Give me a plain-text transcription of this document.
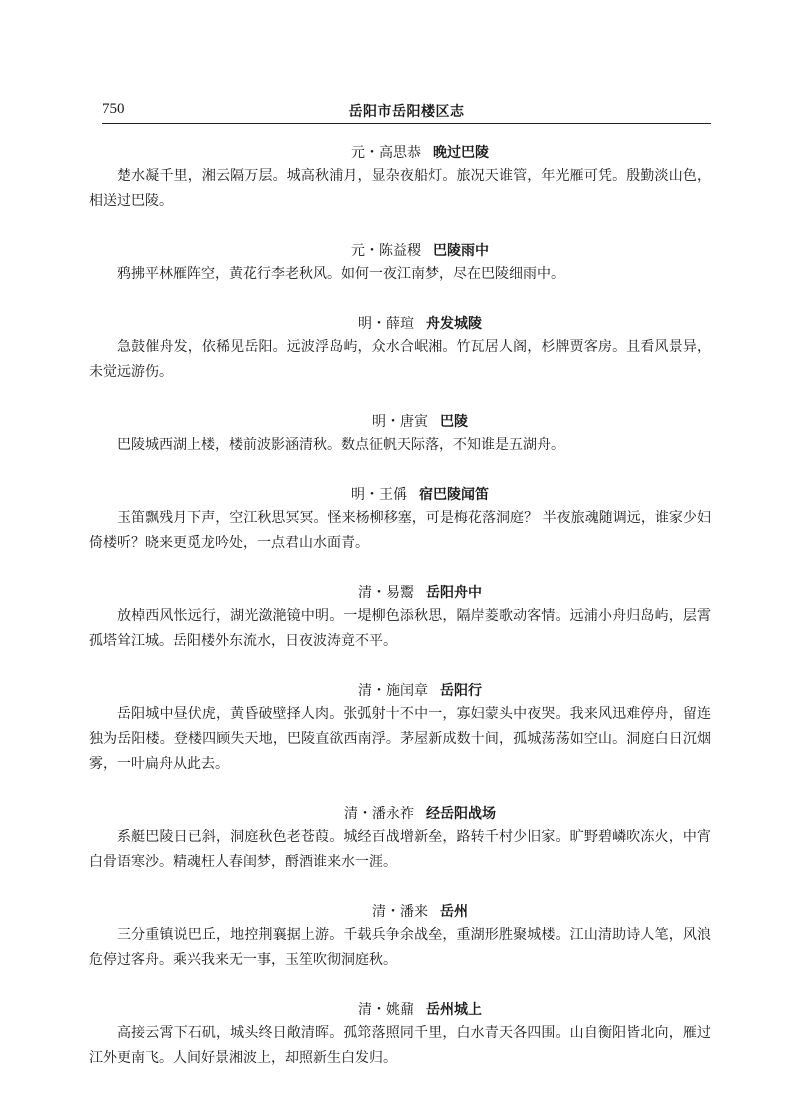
750	岳阳市岳阳楼区志
元・高思恭 晚过巴陵

楚水凝千里，湘云隔万层。城高秋浦月，显杂夜船灯。旅况天谁管，年光雁可凭。殷勤淡山色，相送过巴陵。

元・陈益稷 巴陵雨中

鸦拂平林雁阵空，黄花行李老秋风。如何一夜江南梦，尽在巴陵细雨中。

明・薛瑄 舟发城陵

急鼓催舟发，依稀见岳阳。远波浮岛屿，众水合岷湘。竹瓦居人阁，杉牌贾客房。且看风景异，未觉远游伤。

明・唐寅 巴陵

巴陵城西湖上楼，楼前波影涵清秋。数点征帆天际落，不知谁是五湖舟。

明・王偁 宿巴陵闻笛

玉笛飘残月下声，空江秋思冥冥。怪来杨柳移塞，可是梅花落洞庭？ 半夜旅魂随调远，谁家少妇倚楼听？晓来更觅龙吟处，一点君山水面青。

清・易鬻 岳阳舟中

放棹西风怅远行，湖光潋滟镜中明。一堤柳色添秋思，隔岸菱歌动客情。远浦小舟归岛屿，层霄孤塔耸江城。岳阳楼外东流水，日夜波涛竟不平。

清・施闰章 岳阳行

岳阳城中昼伏虎，黄昏破壁择人肉。张弧射十不中一，寡妇蒙头中夜哭。我来风迅难停舟，留连独为岳阳楼。登楼四顾失天地，巴陵直欲西南浮。茅屋新成数十间，孤城荡荡如空山。洞庭白日沉烟雾，一叶扁舟从此去。

清・潘永祚 经岳阳战场

系艇巴陵日已斜，洞庭秋色老苍葭。城经百战增新垒，路转千村少旧家。旷野碧嶙吹冻火，中宵白骨语寒沙。精魂枉人春闺梦，酹酒谁来水一涯。

清・潘来 岳州

三分重镇说巴丘，地控荆襄据上游。千载兵争余战垒，重湖形胜聚城楼。江山清助诗人笔，风浪危停过客舟。乘兴我来无一事，玉笙吹彻洞庭秋。

清・姚鼐 岳州城上

高接云霄下石矶，城头终日敞清晖。孤筇落照同千里，白水青天各四围。山自衡阳皆北向，雁过江外更南飞。人间好景湘波上，却照新生白发归。
